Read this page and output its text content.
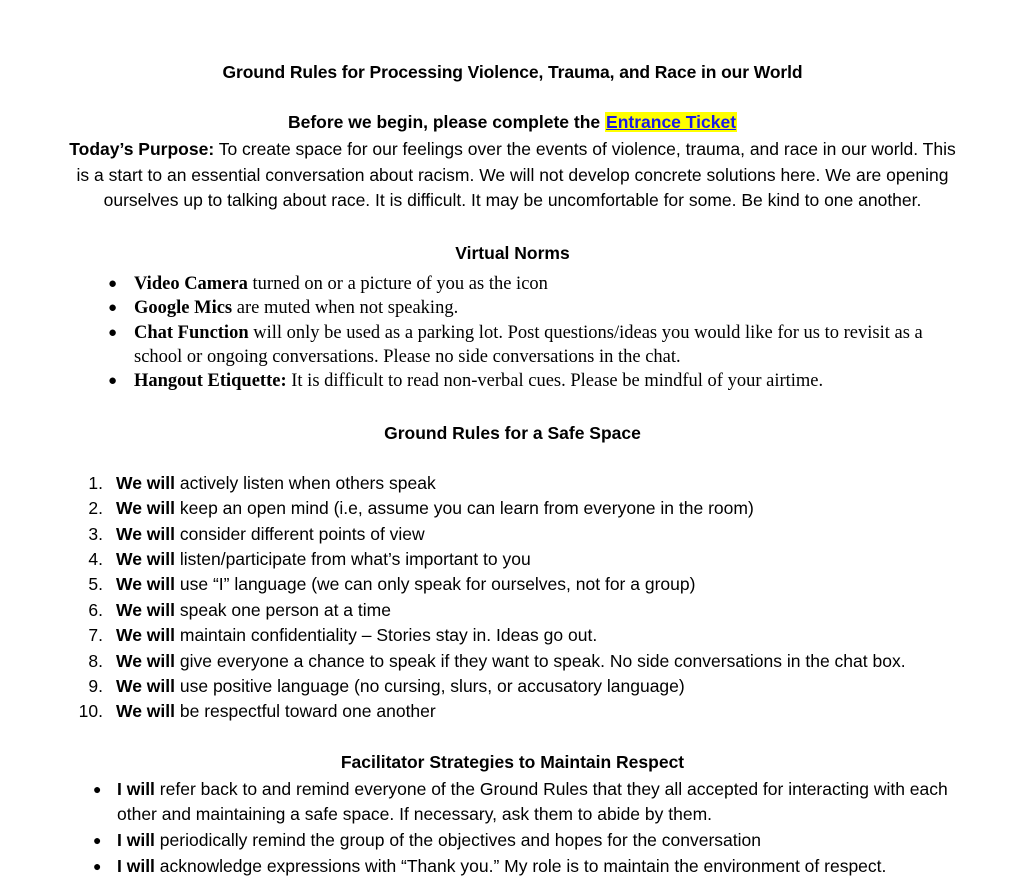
Ground Rules for Processing Violence, Trauma, and Race in our World

Before we begin, please complete the Entrance Ticket

Today’s Purpose: To create space for our feelings over the events of violence, trauma, and race in our world. This is a start to an essential conversation about racism. We will not develop concrete solutions here. We are opening ourselves up to talking about race. It is difficult. It may be uncomfortable for some. Be kind to one another.

Virtual Norms
● Video Camera turned on or a picture of you as the icon
● Google Mics are muted when not speaking.
● Chat Function will only be used as a parking lot. Post questions/ideas you would like for us to revisit as a school or ongoing conversations. Please no side conversations in the chat.
● Hangout Etiquette: It is difficult to read non-verbal cues. Please be mindful of your airtime.
Ground Rules for a Safe Space
1. We will actively listen when others speak
2. We will keep an open mind (i.e, assume you can learn from everyone in the room)
3. We will consider different points of view
4. We will listen/participate from what’s important to you
5. We will use “I” language (we can only speak for ourselves, not for a group)
6. We will speak one person at a time
7. We will maintain confidentiality – Stories stay in. Ideas go out.
8. We will give everyone a chance to speak if they want to speak. No side conversations in the chat box.
9. We will use positive language (no cursing, slurs, or accusatory language)
10. We will be respectful toward one another
Facilitator Strategies to Maintain Respect
● I will refer back to and remind everyone of the Ground Rules that they all accepted for interacting with each other and maintaining a safe space. If necessary, ask them to abide by them.
● I will periodically remind the group of the objectives and hopes for the conversation
● I will acknowledge expressions with “Thank you.” My role is to maintain the environment of respect.
